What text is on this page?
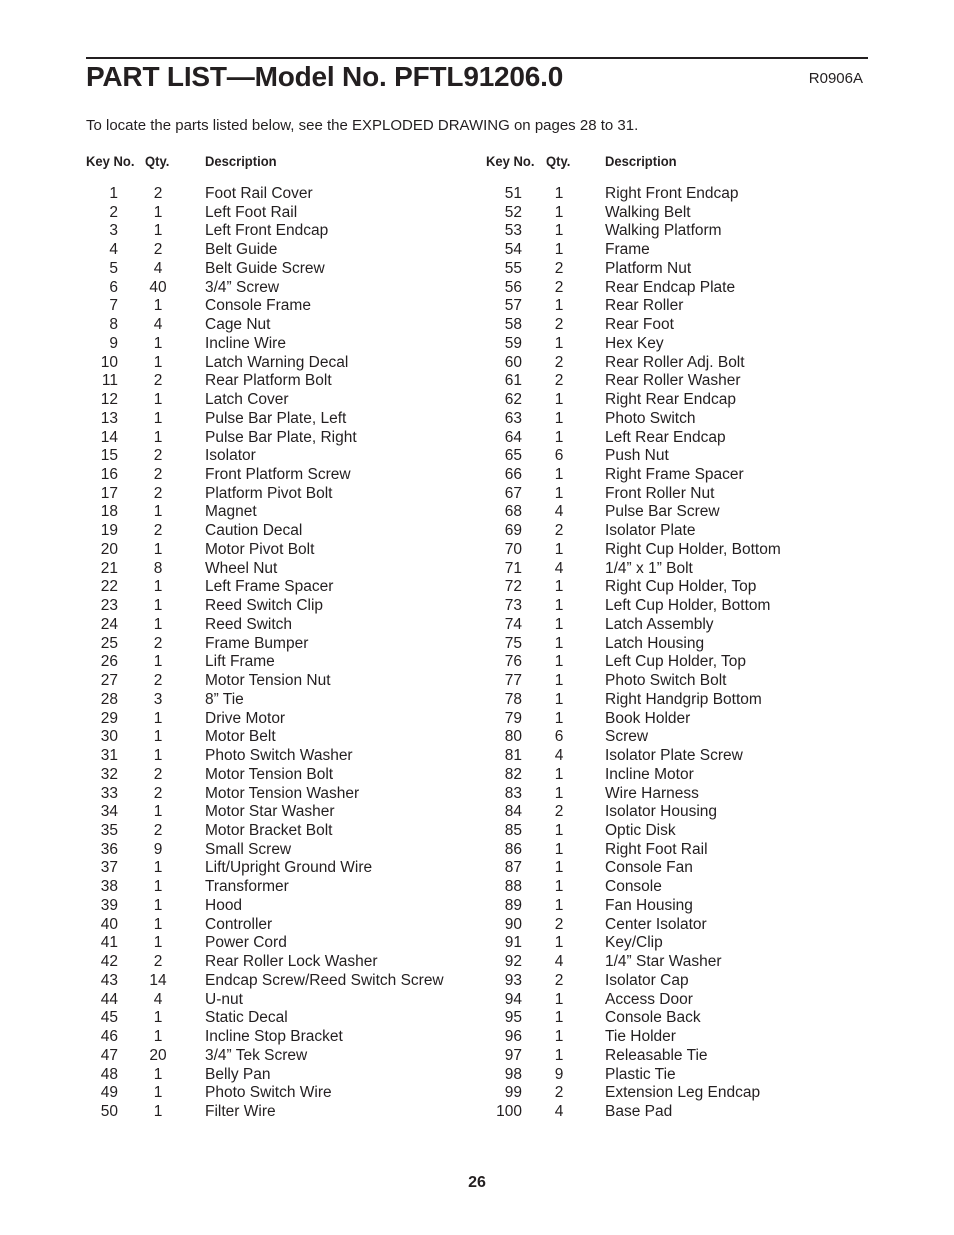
PART LIST—Model No. PFTL91206.0	R0906A
To locate the parts listed below, see the EXPLODED DRAWING on pages 28 to 31.
Key No. Qty.	Description	Key No. Qty. Description
1	2	Foot Rail Cover
2	1	Left Foot Rail
3	1	Left Front Endcap
4	2	Belt Guide
5	4	Belt Guide Screw
6	40	3/4” Screw
7	1	Console Frame
8	4	Cage Nut
9	1	Incline Wire
10	1	Latch Warning Decal
11	2	Rear Platform Bolt
12	1	Latch Cover
13	1	Pulse Bar Plate, Left
14	1	Pulse Bar Plate, Right
15	2	Isolator
16	2	Front Platform Screw
17	2	Platform Pivot Bolt
18	1	Magnet
19	2	Caution Decal
20	1	Motor Pivot Bolt
21	8	Wheel Nut
22	1	Left Frame Spacer
23	1	Reed Switch Clip
24	1	Reed Switch
25	2	Frame Bumper
26	1	Lift Frame
27	2	Motor Tension Nut
28	3	8” Tie
29	1	Drive Motor
30	1	Motor Belt
31	1	Photo Switch Washer
32	2	Motor Tension Bolt
33	2	Motor Tension Washer
34	1	Motor Star Washer
35	2	Motor Bracket Bolt
36	9	Small Screw
37	1	Lift/Upright Ground Wire
38	1	Transformer
39	1	Hood
40	1	Controller
41	1	Power Cord
42	2	Rear Roller Lock Washer
43	14	Endcap Screw/Reed Switch Screw
44	4	U-nut
45	1	Static Decal
46	1	Incline Stop Bracket
47	20	3/4” Tek Screw
48	1	Belly Pan
49	1	Photo Switch Wire
50	1	Filter Wire
51	1	Right Front Endcap
52	1	Walking Belt
53	1	Walking Platform
54	1	Frame
55	2	Platform Nut
56	2	Rear Endcap Plate
57	1	Rear Roller
58	2	Rear Foot
59	1	Hex Key
60	2	Rear Roller Adj. Bolt
61	2	Rear Roller Washer
62	1	Right Rear Endcap
63	1	Photo Switch
64	1	Left Rear Endcap
65	6	Push Nut
66	1	Right Frame Spacer
67	1	Front Roller Nut
68	4	Pulse Bar Screw
69	2	Isolator Plate
70	1	Right Cup Holder, Bottom
71	4	1/4” x 1” Bolt
72	1	Right Cup Holder, Top
73	1	Left Cup Holder, Bottom
74	1	Latch Assembly
75	1	Latch Housing
76	1	Left Cup Holder, Top
77	1	Photo Switch Bolt
78	1	Right Handgrip Bottom
79	1	Book Holder
80	6	Screw
81	4	Isolator Plate Screw
82	1	Incline Motor
83	1	Wire Harness
84	2	Isolator Housing
85	1	Optic Disk
86	1	Right Foot Rail
87	1	Console Fan
88	1	Console
89	1	Fan Housing
90	2	Center Isolator
91	1	Key/Clip
92	4	1/4” Star Washer
93	2	Isolator Cap
94	1	Access Door
95	1	Console Back
96	1	Tie Holder
97	1	Releasable Tie
98	9	Plastic Tie
99	2	Extension Leg Endcap
100	4	Base Pad
26
